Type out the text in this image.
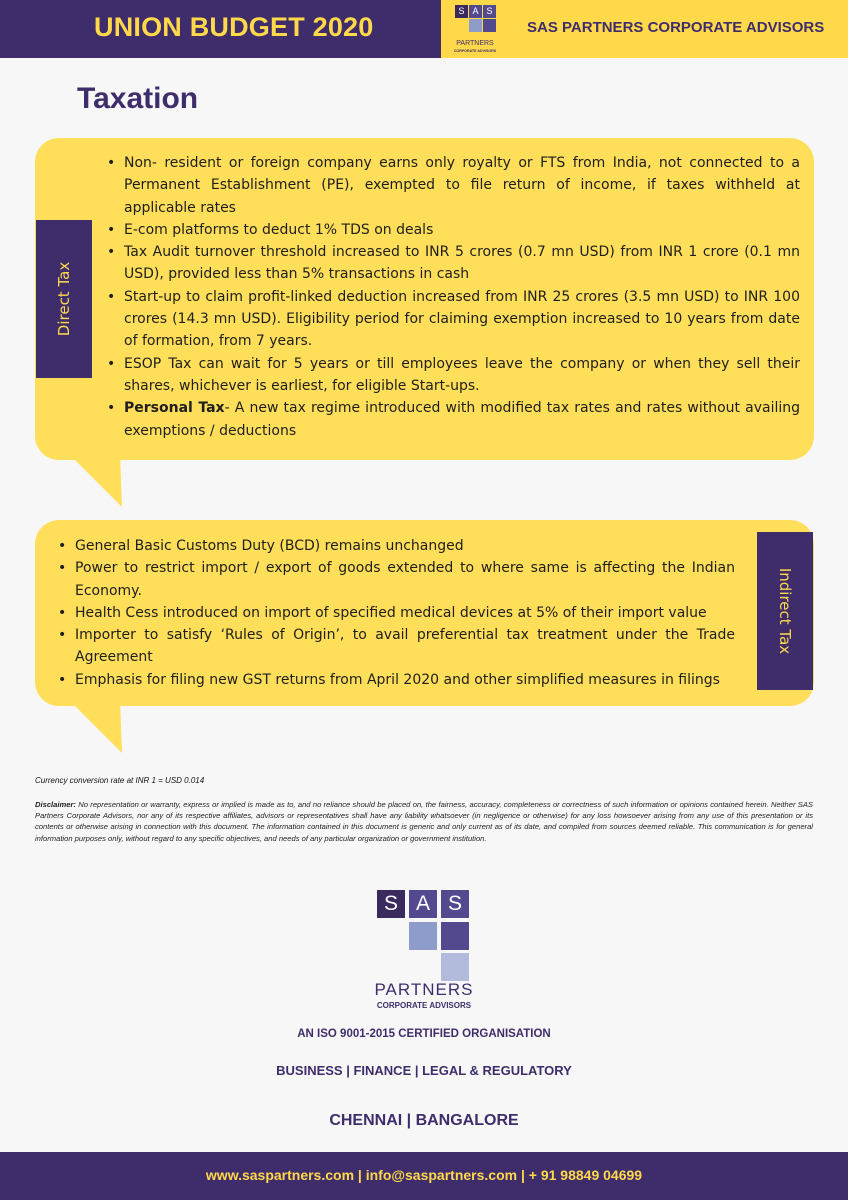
UNION BUDGET 2020
S A S
PARTNERS
CORPORATE ADVISORS
SAS PARTNERS CORPORATE ADVISORS
Taxation
Direct Tax
• Non- resident or foreign company earns only royalty or FTS from India, not connected to a Permanent Establishment (PE), exempted to file return of income, if taxes withheld at applicable rates
• E-com platforms to deduct 1% TDS on deals
• Tax Audit turnover threshold increased to INR 5 crores (0.7 mn USD) from INR 1 crore (0.1 mn USD), provided less than 5% transactions in cash
• Start-up to claim profit-linked deduction increased from INR 25 crores (3.5 mn USD) to INR 100 crores (14.3 mn USD). Eligibility period for claiming exemption increased to 10 years from date of formation, from 7 years.
• ESOP Tax can wait for 5 years or till employees leave the company or when they sell their shares, whichever is earliest, for eligible Start-ups.
• Personal Tax- A new tax regime introduced with modified tax rates and rates without availing exemptions / deductions
Indirect Tax
• General Basic Customs Duty (BCD) remains unchanged
• Power to restrict import / export of goods extended to where same is affecting the Indian Economy.
• Health Cess introduced on import of specified medical devices at 5% of their import value
• Importer to satisfy ‘Rules of Origin’, to avail preferential tax treatment under the Trade Agreement
• Emphasis for filing new GST returns from April 2020 and other simplified measures in filings
Currency conversion rate at INR 1 = USD 0.014
Disclaimer: No representation or warranty, express or implied is made as to, and no reliance should be placed on, the fairness, accuracy, completeness or correctness of such information or opinions contained herein. Neither SAS Partners Corporate Advisors, nor any of its respective affiliates, advisors or representatives shall have any liability whatsoever (in negligence or otherwise) for any loss howsoever arising from any use of this presentation or its contents or otherwise arising in connection with this document. The information contained in this document is generic and only current as of its date, and compiled from sources deemed reliable. This communication is for general information purposes only, without regard to any specific objectives, and needs of any particular organization or government institution.
S A S
PARTNERS
CORPORATE ADVISORS
AN ISO 9001-2015 CERTIFIED ORGANISATION
BUSINESS | FINANCE | LEGAL & REGULATORY
CHENNAI | BANGALORE
www.saspartners.com | info@saspartners.com | + 91 98849 04699
